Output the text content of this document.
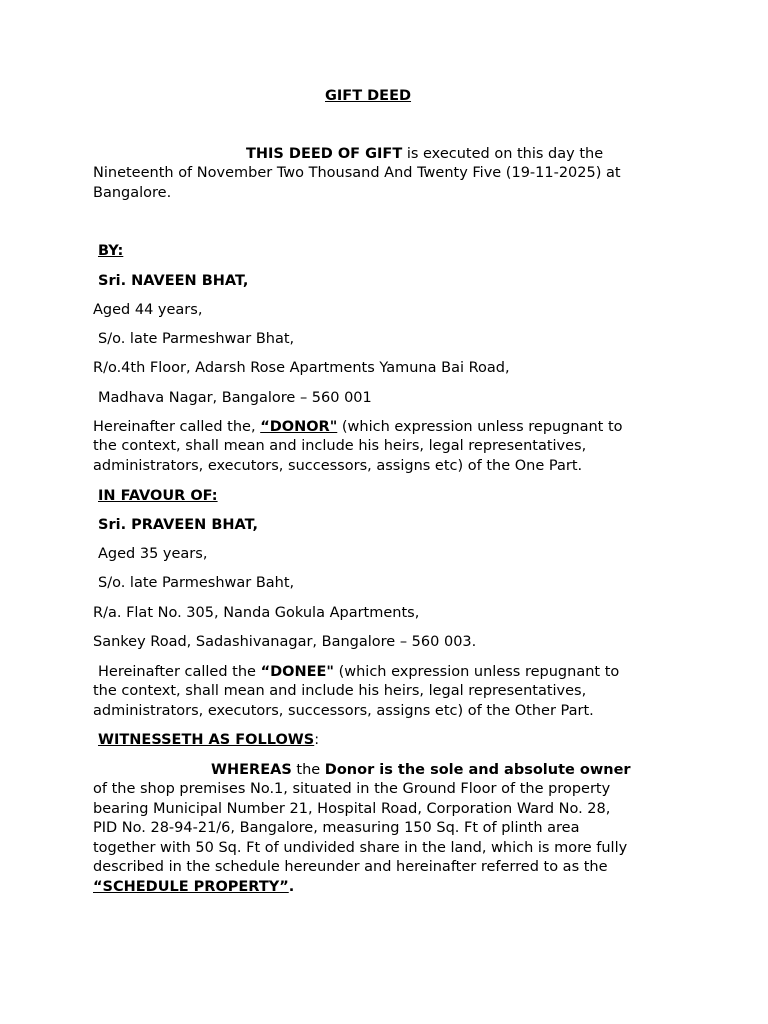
GIFT DEED
THIS DEED OF GIFT is executed on this day the
Nineteenth of November Two Thousand And Twenty Five (19-11-2025) at
Bangalore.
BY:
Sri. NAVEEN BHAT,
Aged 44 years,
S/o. late Parmeshwar Bhat,
R/o.4th Floor, Adarsh Rose Apartments Yamuna Bai Road,
Madhava Nagar, Bangalore – 560 001
Hereinafter called the, “DONOR" (which expression unless repugnant to
the context, shall mean and include his heirs, legal representatives,
administrators, executors, successors, assigns etc) of the One Part.
IN FAVOUR OF:
Sri. PRAVEEN BHAT,
Aged 35 years,
S/o. late Parmeshwar Baht,
R/a. Flat No. 305, Nanda Gokula Apartments,
Sankey Road, Sadashivanagar, Bangalore – 560 003.
Hereinafter called the “DONEE" (which expression unless repugnant to
the context, shall mean and include his heirs, legal representatives,
administrators, executors, successors, assigns etc) of the Other Part.
WITNESSETH AS FOLLOWS:
WHEREAS the Donor is the sole and absolute owner
of the shop premises No.1, situated in the Ground Floor of the property
bearing Municipal Number 21, Hospital Road, Corporation Ward No. 28,
PID No. 28-94-21/6, Bangalore, measuring 150 Sq. Ft of plinth area
together with 50 Sq. Ft of undivided share in the land, which is more fully
described in the schedule hereunder and hereinafter referred to as the
“SCHEDULE PROPERTY”.
